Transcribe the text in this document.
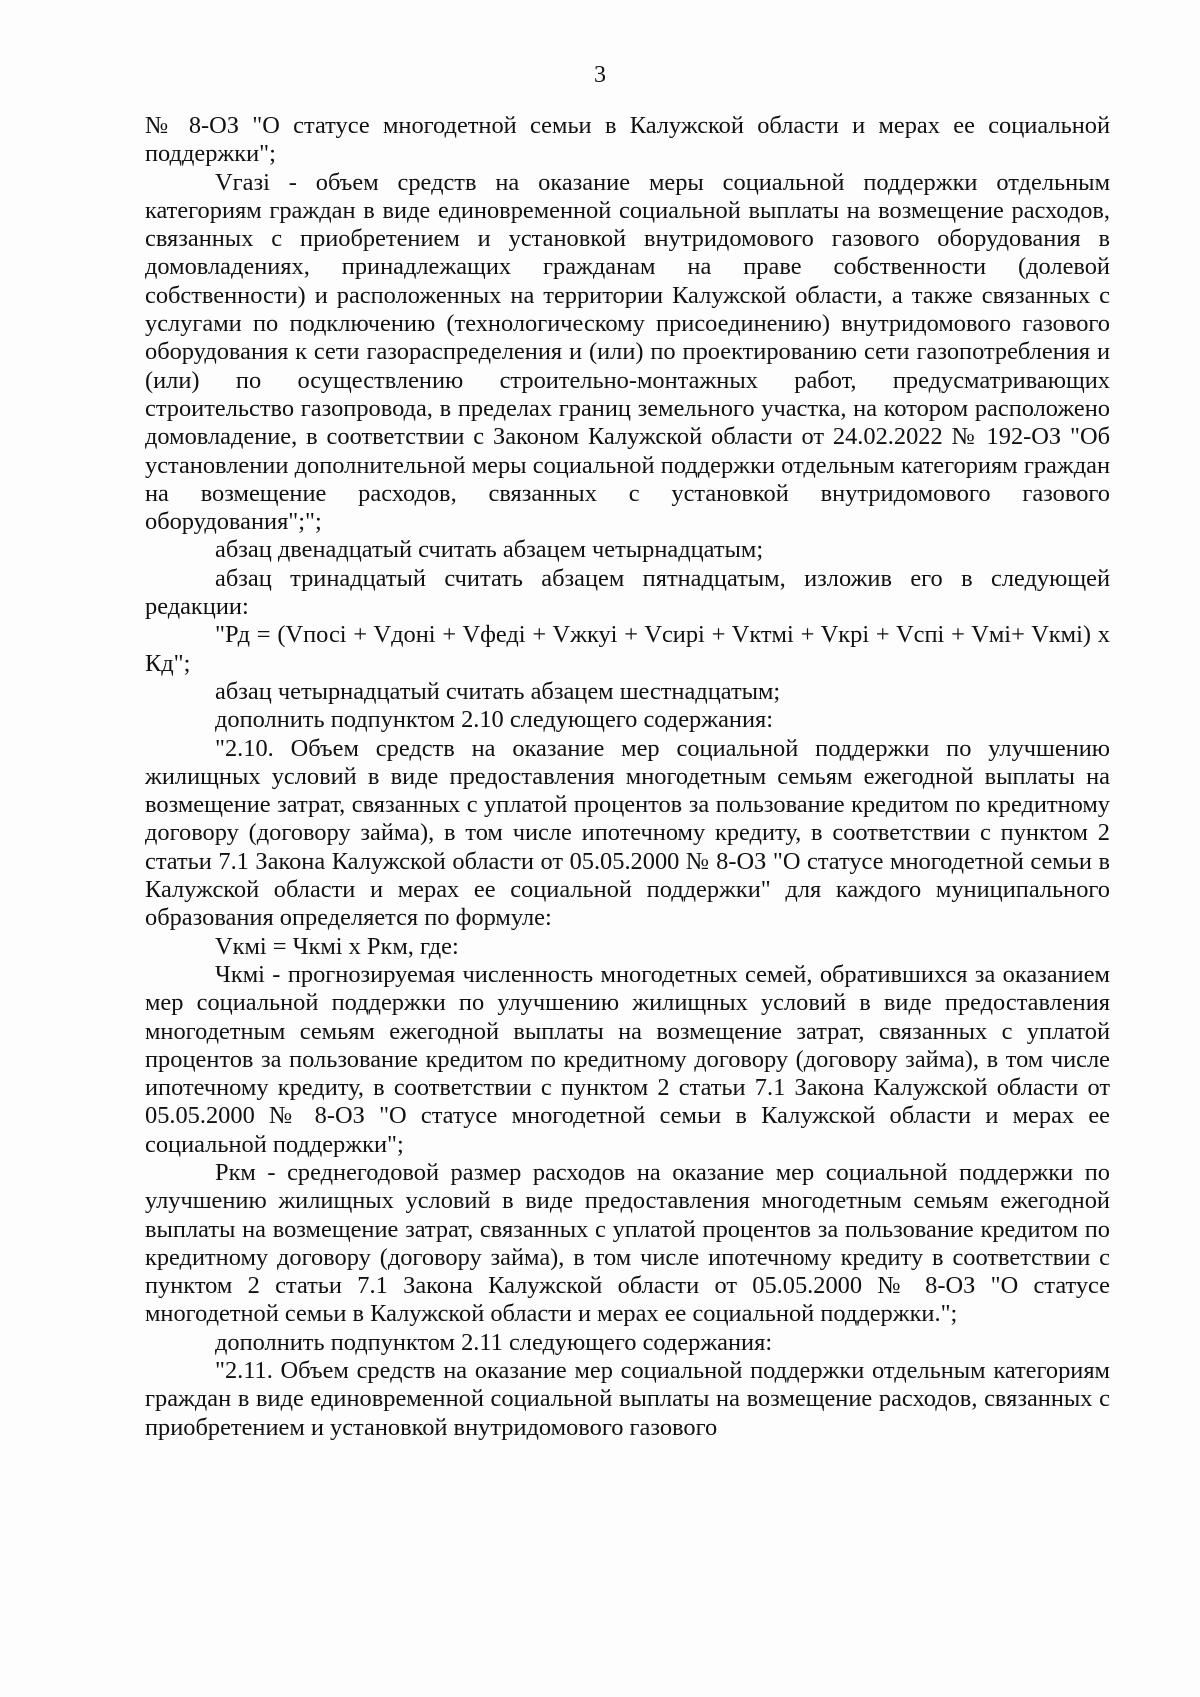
3

№ 8-ОЗ "О статусе многодетной семьи в Калужской области и мерах ее социальной поддержки";

Vгазi - объем средств на оказание меры социальной поддержки отдельным категориям граждан в виде единовременной социальной выплаты на возмещение расходов, связанных с приобретением и установкой внутридомового газового оборудования в домовладениях, принадлежащих гражданам на праве собственности (долевой собственности) и расположенных на территории Калужской области, а также связанных с услугами по подключению (технологическому присоединению) внутридомового газового оборудования к сети газораспределения и (или) по проектированию сети газопотребления и (или) по осуществлению строительно-монтажных работ, предусматривающих строительство газопровода, в пределах границ земельного участка, на котором расположено домовладение, в соответствии с Законом Калужской области от 24.02.2022 № 192-ОЗ "Об установлении дополнительной меры социальной поддержки отдельным категориям граждан на возмещение расходов, связанных с установкой внутридомового газового оборудования";";

абзац двенадцатый считать абзацем четырнадцатым;

абзац тринадцатый считать абзацем пятнадцатым, изложив его в следующей редакции:

"Рд = (Vпосi + Vдонi + Vфедi + Vжкуi + Vсирi + Vктмi + Vкрi + Vспi + Vмi+ Vкмi) x Кд";

абзац четырнадцатый считать абзацем шестнадцатым;

дополнить подпунктом 2.10 следующего содержания:

"2.10. Объем средств на оказание мер социальной поддержки по улучшению жилищных условий в виде предоставления многодетным семьям ежегодной выплаты на возмещение затрат, связанных с уплатой процентов за пользование кредитом по кредитному договору (договору займа), в том числе ипотечному кредиту, в соответствии с пунктом 2 статьи 7.1 Закона Калужской области от 05.05.2000 № 8-ОЗ "О статусе многодетной семьи в Калужской области и мерах ее социальной поддержки" для каждого муниципального образования определяется по формуле:

Vкмi = Чкмi x Ркм, где:

Чкмi - прогнозируемая численность многодетных семей, обратившихся за оказанием мер социальной поддержки по улучшению жилищных условий в виде предоставления многодетным семьям ежегодной выплаты на возмещение затрат, связанных с уплатой процентов за пользование кредитом по кредитному договору (договору займа), в том числе ипотечному кредиту, в соответствии с пунктом 2 статьи 7.1 Закона Калужской области от 05.05.2000 № 8-ОЗ "О статусе многодетной семьи в Калужской области и мерах ее социальной поддержки";

Ркм - среднегодовой размер расходов на оказание мер социальной поддержки по улучшению жилищных условий в виде предоставления многодетным семьям ежегодной выплаты на возмещение затрат, связанных с уплатой процентов за пользование кредитом по кредитному договору (договору займа), в том числе ипотечному кредиту в соответствии с пунктом 2 статьи 7.1 Закона Калужской области от 05.05.2000 № 8-ОЗ "О статусе многодетной семьи в Калужской области и мерах ее социальной поддержки.";

дополнить подпунктом 2.11 следующего содержания:

"2.11. Объем средств на оказание мер социальной поддержки отдельным категориям граждан в виде единовременной социальной выплаты на возмещение расходов, связанных с приобретением и установкой внутридомового газового
